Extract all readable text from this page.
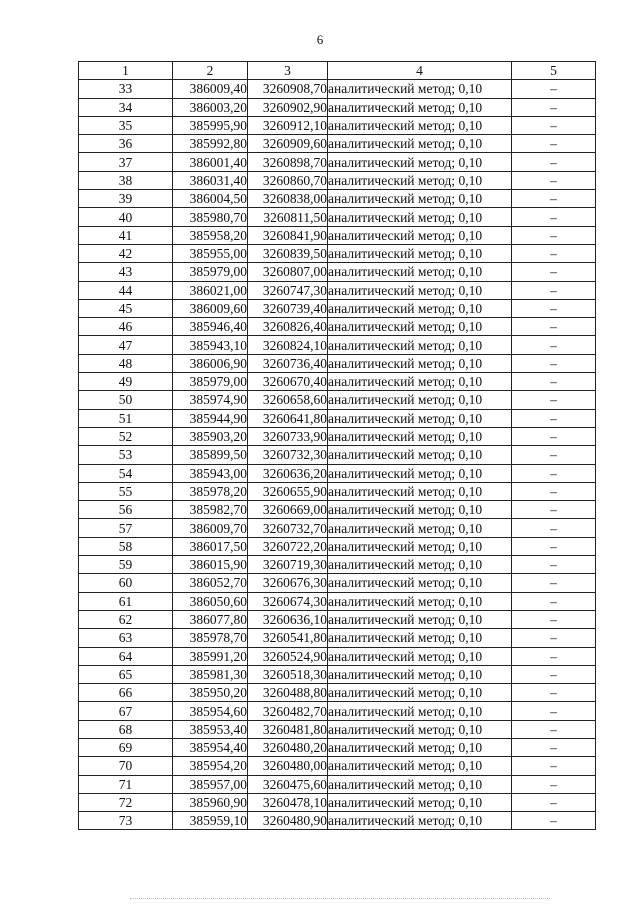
6
1	2	3	4	5
33	386009,40	3260908,70	аналитический метод; 0,10	–
34	386003,20	3260902,90	аналитический метод; 0,10	–
35	385995,90	3260912,10	аналитический метод; 0,10	–
36	385992,80	3260909,60	аналитический метод; 0,10	–
37	386001,40	3260898,70	аналитический метод; 0,10	–
38	386031,40	3260860,70	аналитический метод; 0,10	–
39	386004,50	3260838,00	аналитический метод; 0,10	–
40	385980,70	3260811,50	аналитический метод; 0,10	–
41	385958,20	3260841,90	аналитический метод; 0,10	–
42	385955,00	3260839,50	аналитический метод; 0,10	–
43	385979,00	3260807,00	аналитический метод; 0,10	–
44	386021,00	3260747,30	аналитический метод; 0,10	–
45	386009,60	3260739,40	аналитический метод; 0,10	–
46	385946,40	3260826,40	аналитический метод; 0,10	–
47	385943,10	3260824,10	аналитический метод; 0,10	–
48	386006,90	3260736,40	аналитический метод; 0,10	–
49	385979,00	3260670,40	аналитический метод; 0,10	–
50	385974,90	3260658,60	аналитический метод; 0,10	–
51	385944,90	3260641,80	аналитический метод; 0,10	–
52	385903,20	3260733,90	аналитический метод; 0,10	–
53	385899,50	3260732,30	аналитический метод; 0,10	–
54	385943,00	3260636,20	аналитический метод; 0,10	–
55	385978,20	3260655,90	аналитический метод; 0,10	–
56	385982,70	3260669,00	аналитический метод; 0,10	–
57	386009,70	3260732,70	аналитический метод; 0,10	–
58	386017,50	3260722,20	аналитический метод; 0,10	–
59	386015,90	3260719,30	аналитический метод; 0,10	–
60	386052,70	3260676,30	аналитический метод; 0,10	–
61	386050,60	3260674,30	аналитический метод; 0,10	–
62	386077,80	3260636,10	аналитический метод; 0,10	–
63	385978,70	3260541,80	аналитический метод; 0,10	–
64	385991,20	3260524,90	аналитический метод; 0,10	–
65	385981,30	3260518,30	аналитический метод; 0,10	–
66	385950,20	3260488,80	аналитический метод; 0,10	–
67	385954,60	3260482,70	аналитический метод; 0,10	–
68	385953,40	3260481,80	аналитический метод; 0,10	–
69	385954,40	3260480,20	аналитический метод; 0,10	–
70	385954,20	3260480,00	аналитический метод; 0,10	–
71	385957,00	3260475,60	аналитический метод; 0,10	–
72	385960,90	3260478,10	аналитический метод; 0,10	–
73	385959,10	3260480,90	аналитический метод; 0,10	–
